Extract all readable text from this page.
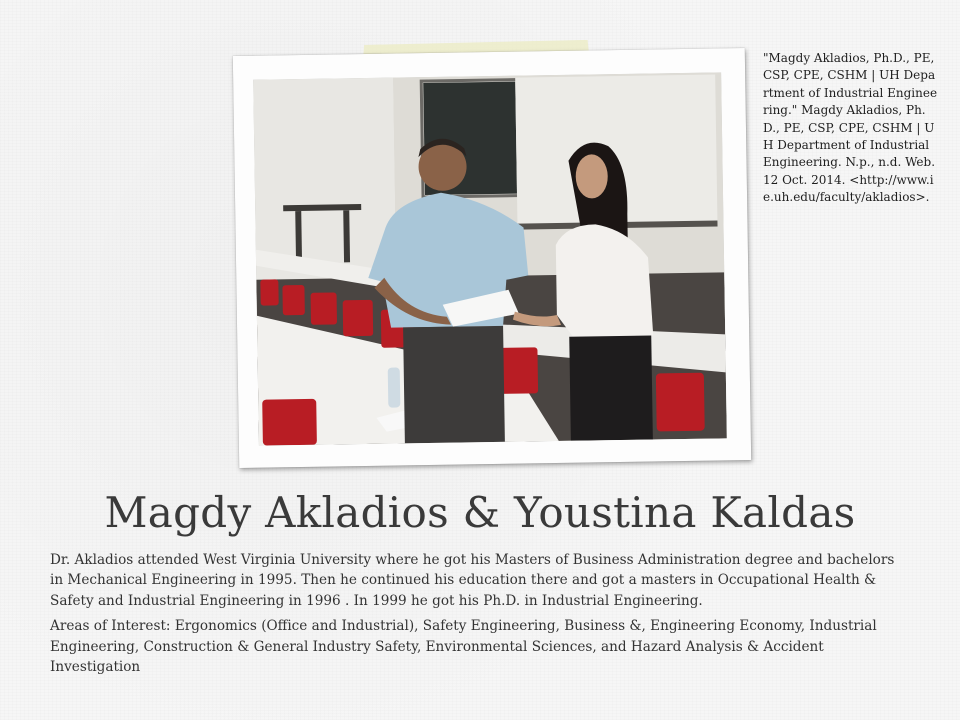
"Magdy Akladios, Ph.D., PE, CSP, CPE, CSHM | UH Department of Industrial Engineering." Magdy Akladios, Ph.D., PE, CSP, CPE, CSHM | UH Department of Industrial Engineering. N.p., n.d. Web. 12 Oct. 2014. <http://www.ie.uh.edu/faculty/akladios>.
Magdy Akladios & Youstina Kaldas

Dr. Akladios attended West Virginia University where he got his Masters of Business Administration degree and bachelors in Mechanical Engineering in 1995. Then he continued his education there and got a masters in Occupational Health & Safety and Industrial Engineering in 1996 . In 1999 he got his Ph.D. in Industrial Engineering.

Areas of Interest: Ergonomics (Office and Industrial), Safety Engineering, Business &, Engineering Economy, Industrial Engineering, Construction & General Industry Safety, Environmental Sciences, and Hazard Analysis & Accident Investigation
